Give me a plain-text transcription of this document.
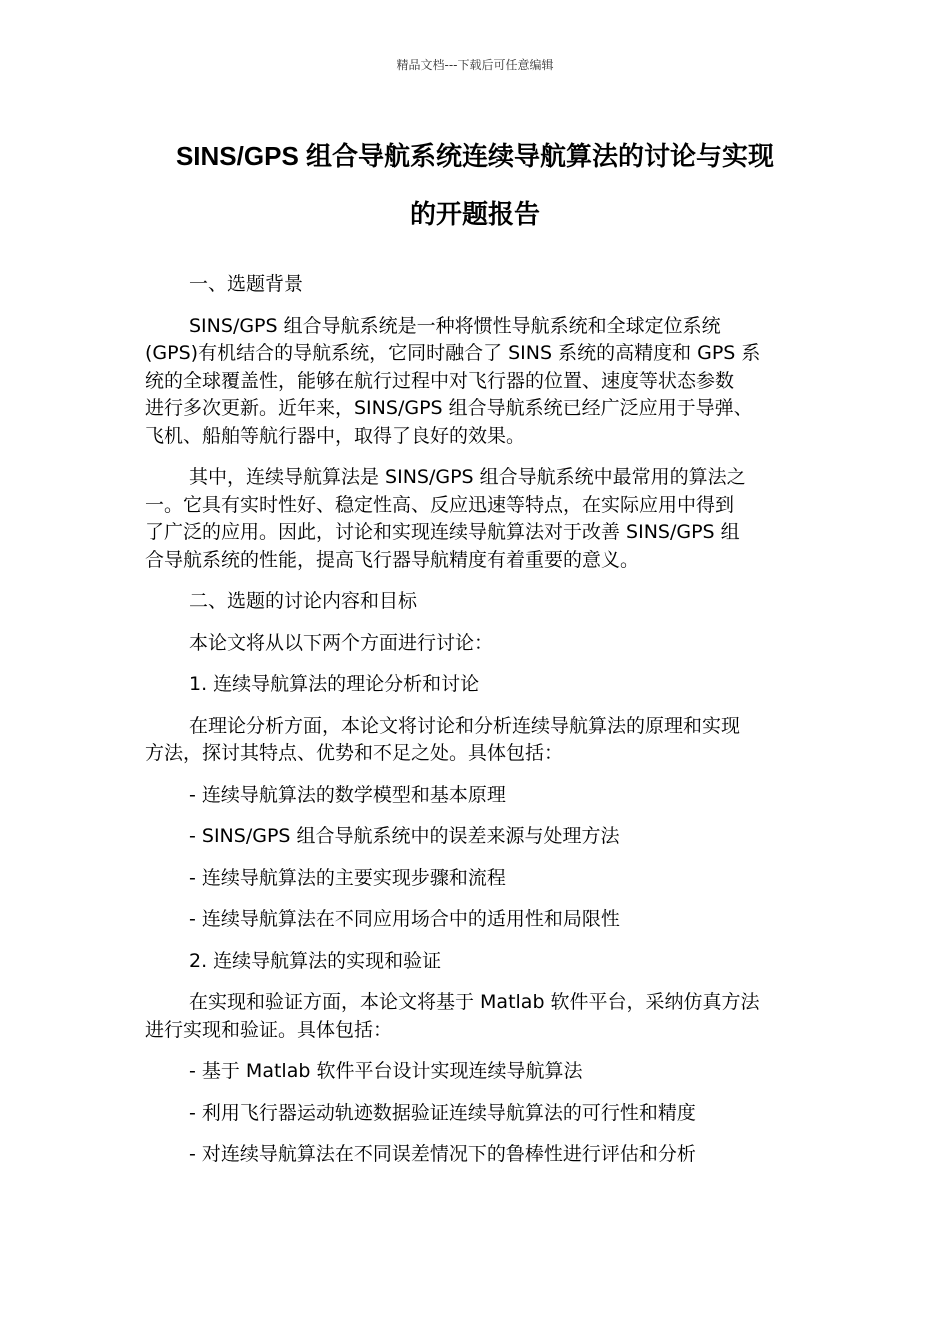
精品文档---下载后可任意编辑
SINS/GPS 组合导航系统连续导航算法的讨论与实现
的开题报告

一、选题背景

SINS/GPS 组合导航系统是一种将惯性导航系统和全球定位系统
(GPS)有机结合的导航系统，它同时融合了 SINS 系统的高精度和 GPS 系
统的全球覆盖性，能够在航行过程中对飞行器的位置、速度等状态参数
进行多次更新。近年来，SINS/GPS 组合导航系统已经广泛应用于导弹、
飞机、船舶等航行器中，取得了良好的效果。
其中，连续导航算法是 SINS/GPS 组合导航系统中最常用的算法之
一。它具有实时性好、稳定性高、反应迅速等特点，在实际应用中得到
了广泛的应用。因此，讨论和实现连续导航算法对于改善 SINS/GPS 组
合导航系统的性能，提高飞行器导航精度有着重要的意义。

二、选题的讨论内容和目标

本论文将从以下两个方面进行讨论：

1. 连续导航算法的理论分析和讨论

在理论分析方面，本论文将讨论和分析连续导航算法的原理和实现
方法，探讨其特点、优势和不足之处。具体包括：

- 连续导航算法的数学模型和基本原理

- SINS/GPS 组合导航系统中的误差来源与处理方法

- 连续导航算法的主要实现步骤和流程

- 连续导航算法在不同应用场合中的适用性和局限性

2. 连续导航算法的实现和验证

在实现和验证方面，本论文将基于 Matlab 软件平台，采纳仿真方法
进行实现和验证。具体包括：

- 基于 Matlab 软件平台设计实现连续导航算法

- 利用飞行器运动轨迹数据验证连续导航算法的可行性和精度

- 对连续导航算法在不同误差情况下的鲁棒性进行评估和分析
